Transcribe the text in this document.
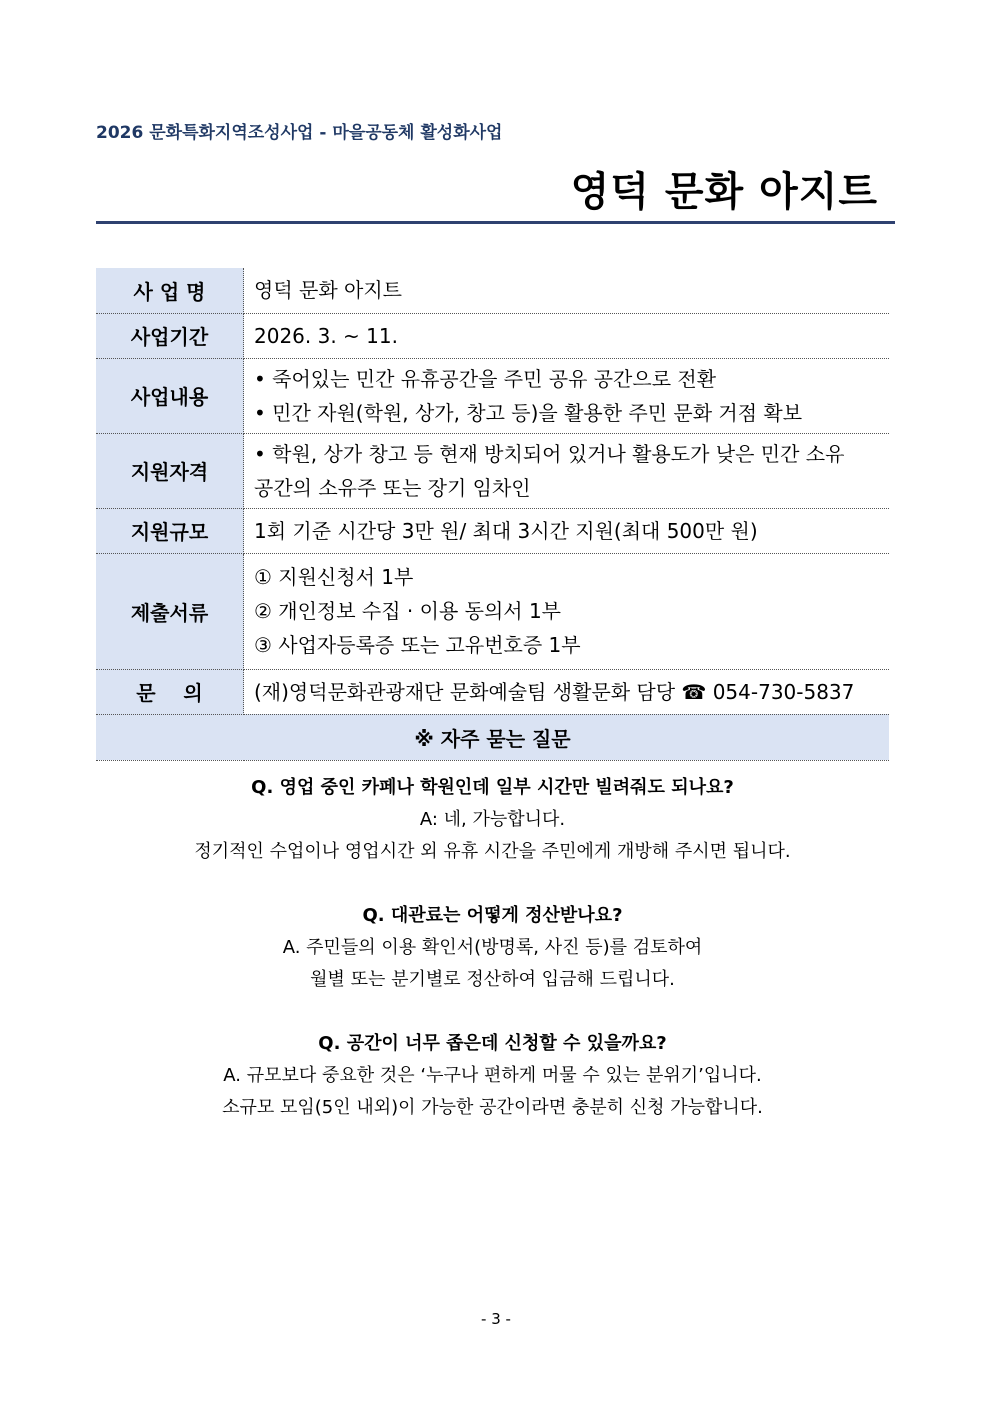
2026 문화특화지역조성사업 - 마을공동체 활성화사업
영덕 문화 아지트
사 업 명	영덕 문화 아지트

사업기간	2026. 3. ~ 11.

사업내용	• 죽어있는 민간 유휴공간을 주민 공유 공간으로 전환
• 민간 자원(학원, 상가, 창고 등)을 활용한 주민 문화 거점 확보

지원자격	• 학원, 상가 창고 등 현재 방치되어 있거나 활용도가 낮은 민간 소유
공간의 소유주 또는 장기 임차인

지원규모	1회 기준 시간당 3만 원/ 최대 3시간 지원(최대 500만 원)

제출서류	① 지원신청서 1부
② 개인정보 수집 · 이용 동의서 1부
③ 사업자등록증 또는 고유번호증 1부

문    의	(재)영덕문화관광재단 문화예술팀 생활문화 담당 ☎ 054-730-5837

※ 자주 묻는 질문	
Q. 영업 중인 카페나 학원인데 일부 시간만 빌려줘도 되나요?
A: 네, 가능합니다.
정기적인 수업이나 영업시간 외 유휴 시간을 주민에게 개방해 주시면 됩니다.
Q. 대관료는 어떻게 정산받나요?
A. 주민들의 이용 확인서(방명록, 사진 등)를 검토하여
월별 또는 분기별로 정산하여 입금해 드립니다.
Q. 공간이 너무 좁은데 신청할 수 있을까요?
A. 규모보다 중요한 것은 ‘누구나 편하게 머물 수 있는 분위기’입니다.
소규모 모임(5인 내외)이 가능한 공간이라면 충분히 신청 가능합니다.
- 3 -
